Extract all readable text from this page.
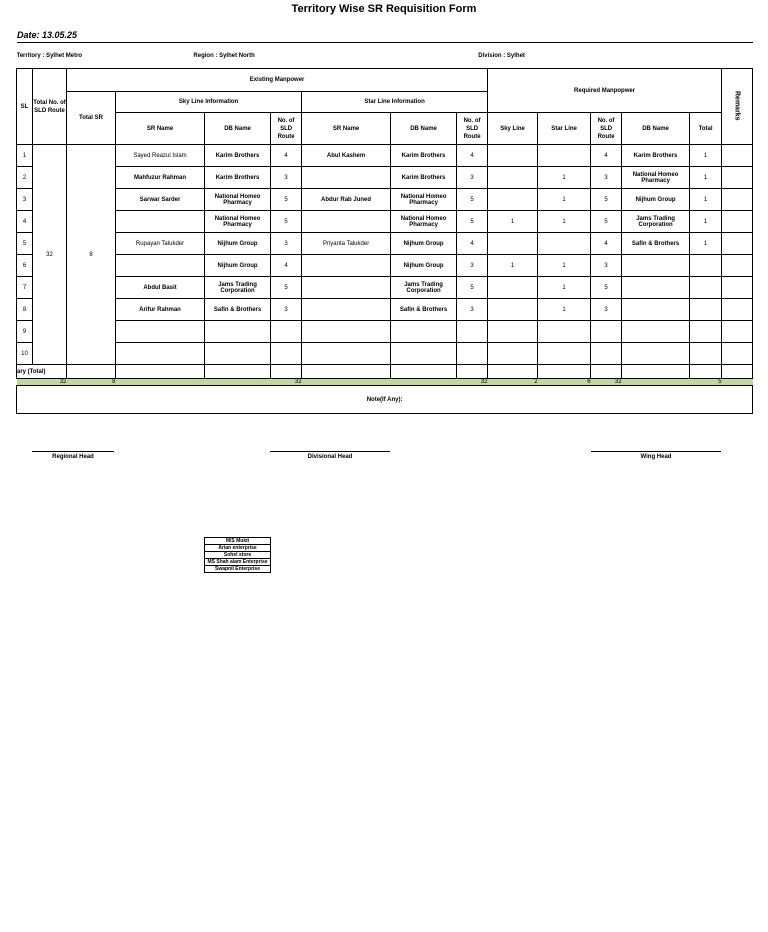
Territory Wise SR Requisition Form
Date: 13.05.25
Territory : Sylhet Metro Region : Sylhet North					Division : Sylhet									
SL	Total No. of SLD Route	Existing Manpower							Required Manpopwer					Remarks
		Total SR	Sky Line Information			Star Line Information								
			SR Name	DB Name	No. of SLD Route	SR Name	DB Name	No. of SLD Route	Sky Line	Star Line	No. of SLD Route	DB Name	Total	
1	32	8	Sayed Reazul Islam	Karim Brothers	4	Abul Kashem	Karim Brothers	4			4	Karim Brothers	1	
2			Mahfuzur Rahman	Karim Brothers	3		Karim Brothers	3		1	3	National Homeo Pharmacy	1	
3			Sarwar Sarder	National Homeo Pharmacy	5	Abdur Rab Juned	National Homeo Pharmacy	5		1	5	Nijhum Group	1	
4				National Homeo Pharmacy	5		National Homeo Pharmacy	5	1	1	5	Jams Trading Corporation	1	
5			Rupayan Talukder	Nijhum Group	3	Priyanta Talukder	Nijhum Group	4			4	Safin & Brothers	1	
6				Nijhum Group	4		Nijhum Group	3	1	1	3			
7			Abdul Basit	Jams Trading Corporation	5		Jams Trading Corporation	5		1	5			
8			Arifur Rahman	Safin & Brothers	3		Safin & Brothers	3		1	3			
9														
10														
ary (Total)														
	32	8			32			32	2	6	32		5	
Note(If Any):														
Regional Head	Divisional Head	Wing Head
M/S Mukti
Arian enterprise
Sohel store
MS Shah alam Enterprise
Swapnil Enterprise
